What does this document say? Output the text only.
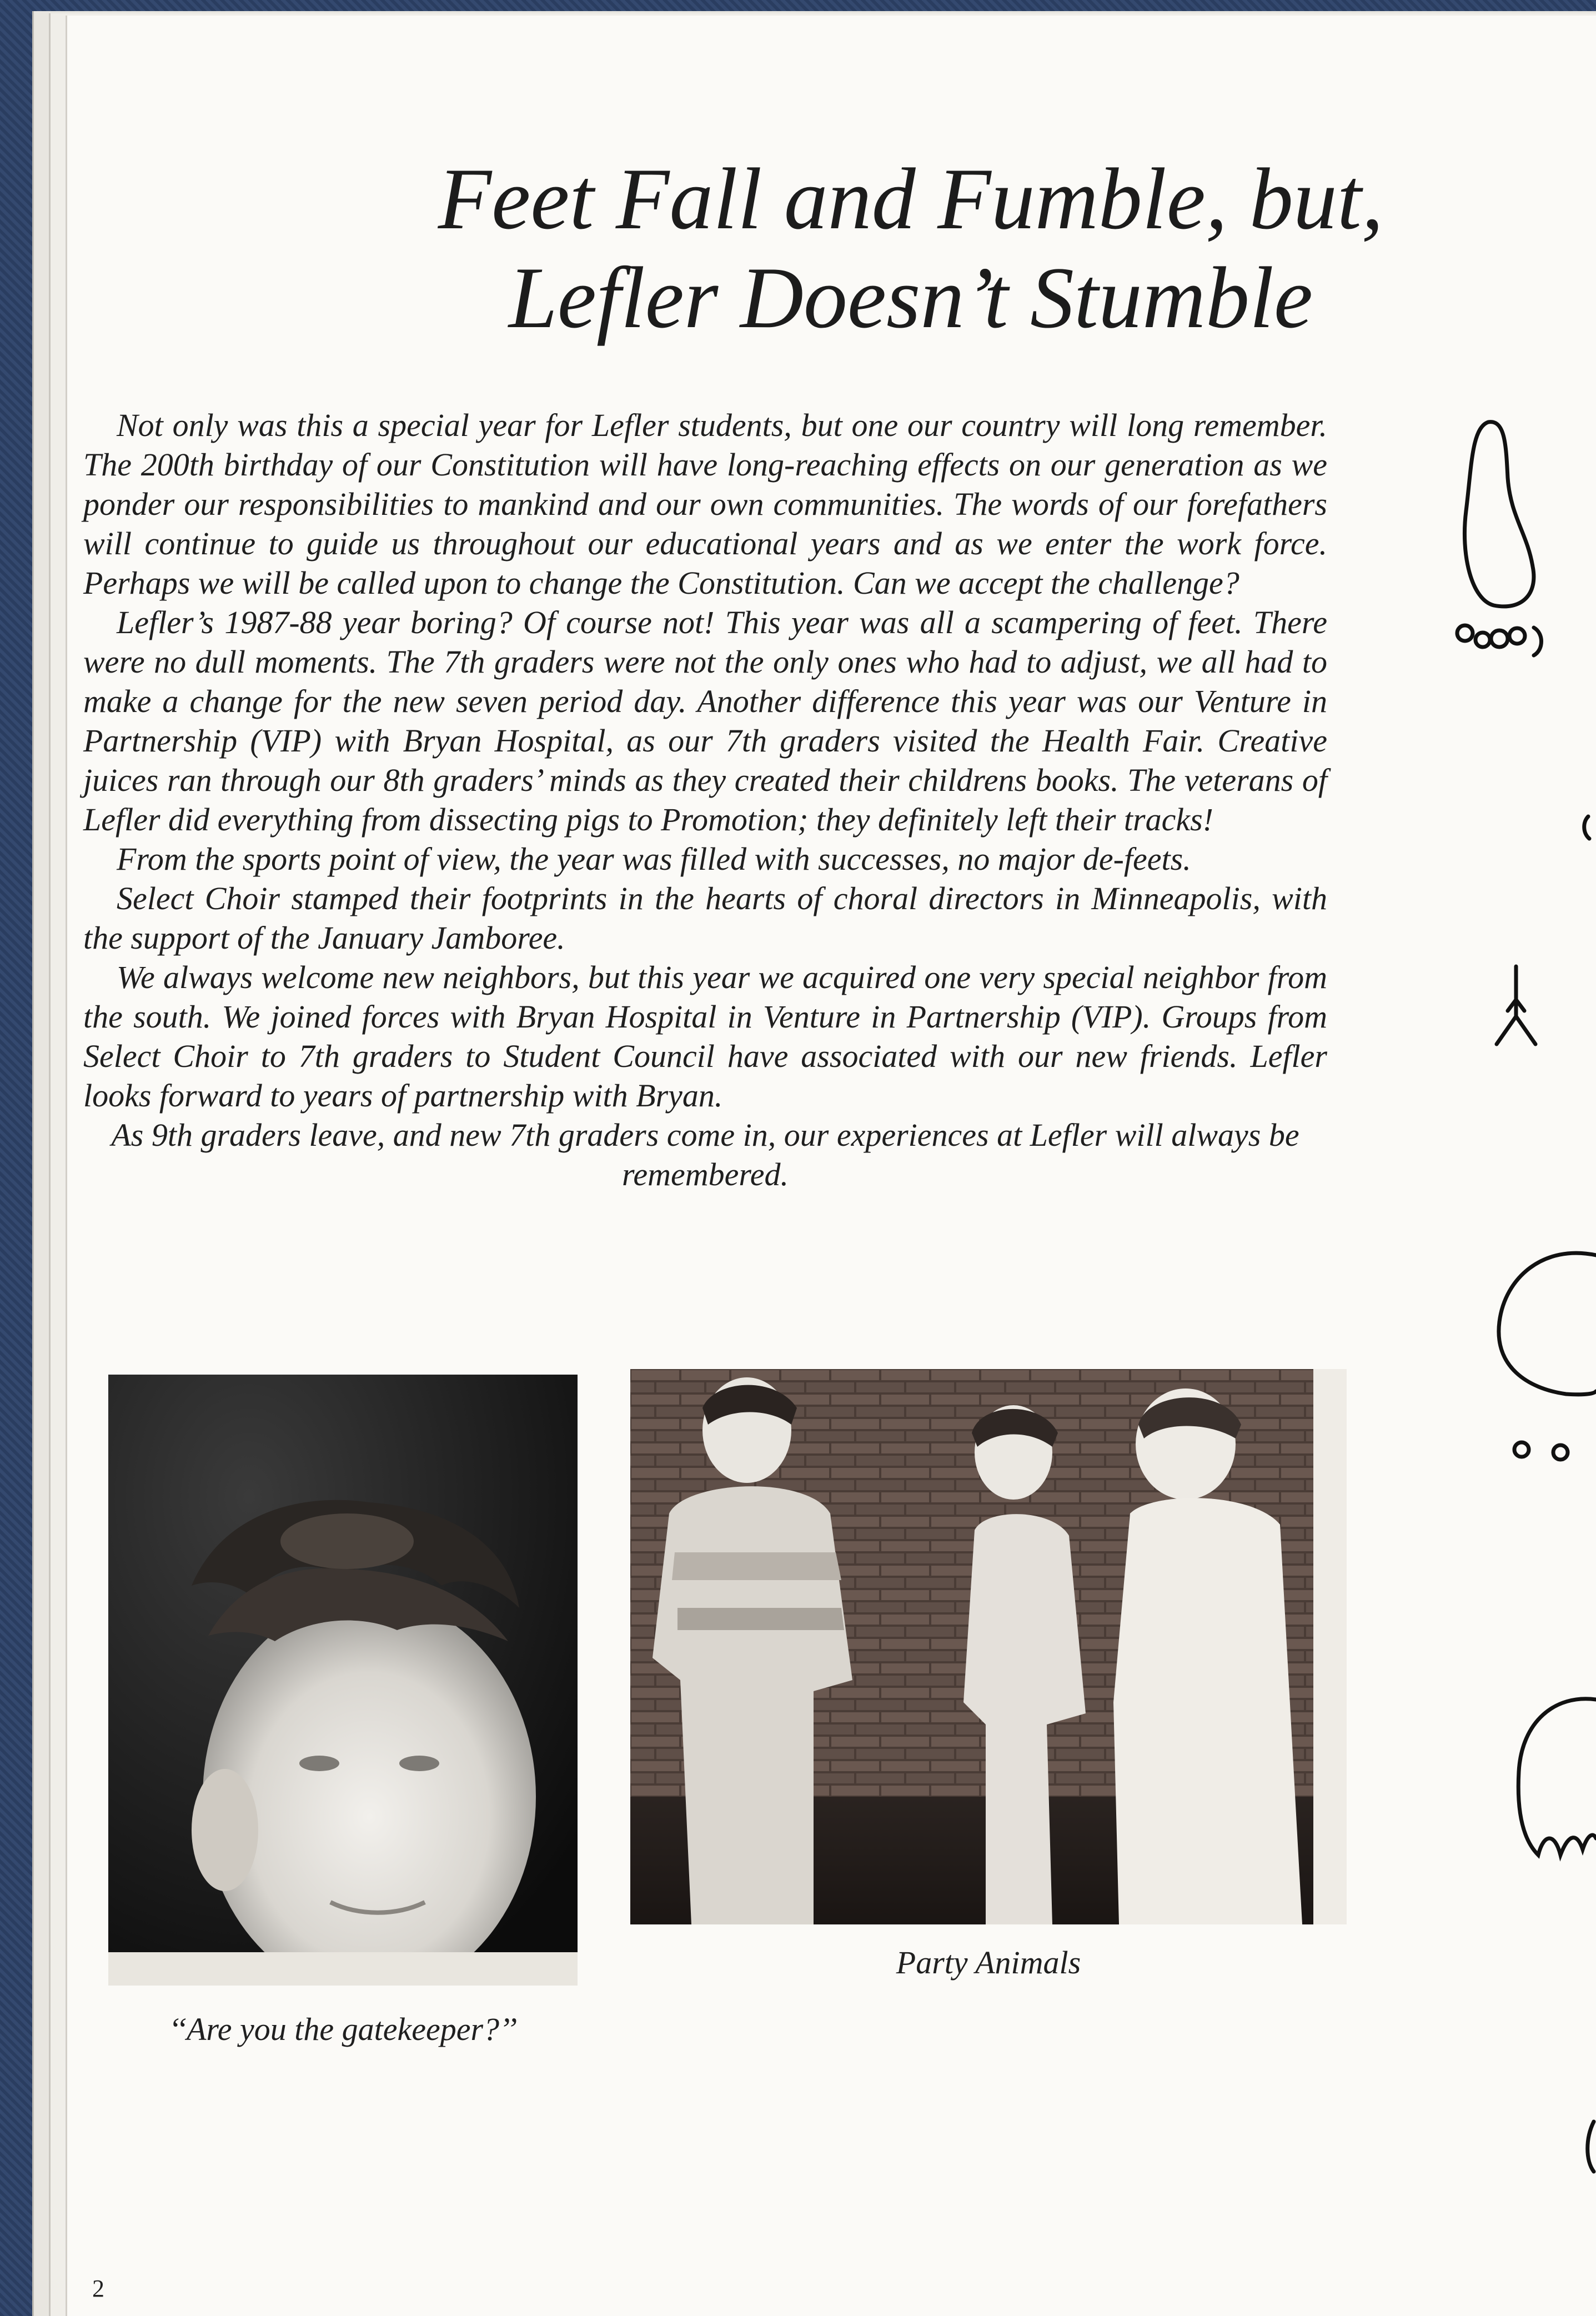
Feet Fall and Fumble, but,
Lefler Doesn’t Stumble

Not only was this a special year for Lefler students, but one our country will long remember. The 200th birthday of our Constitution will have long-reaching effects on our generation as we ponder our responsibilities to mankind and our own communities. The words of our forefathers will continue to guide us throughout our educational years and as we enter the work force. Perhaps we will be called upon to change the Constitution. Can we accept the challenge?

Lefler’s 1987-88 year boring? Of course not! This year was all a scampering of feet. There were no dull moments. The 7th graders were not the only ones who had to adjust, we all had to make a change for the new seven period day. Another difference this year was our Venture in Partnership (VIP) with Bryan Hospital, as our 7th graders visited the Health Fair. Creative juices ran through our 8th graders’ minds as they created their childrens books. The veterans of Lefler did everything from dissecting pigs to Promotion; they definitely left their tracks!

From the sports point of view, the year was filled with successes, no major de-feets.

Select Choir stamped their footprints in the hearts of choral directors in Minneapolis, with the support of the January Jamboree.

We always welcome new neighbors, but this year we acquired one very special neighbor from the south. We joined forces with Bryan Hospital in Venture in Partnership (VIP). Groups from Select Choir to 7th graders to Student Council have associated with our new friends. Lefler looks forward to years of partnership with Bryan.

As 9th graders leave, and new 7th graders come in, our experiences at Lefler will always be remembered.

‘‘Are you the gatekeeper?’’
Party Animals
2
